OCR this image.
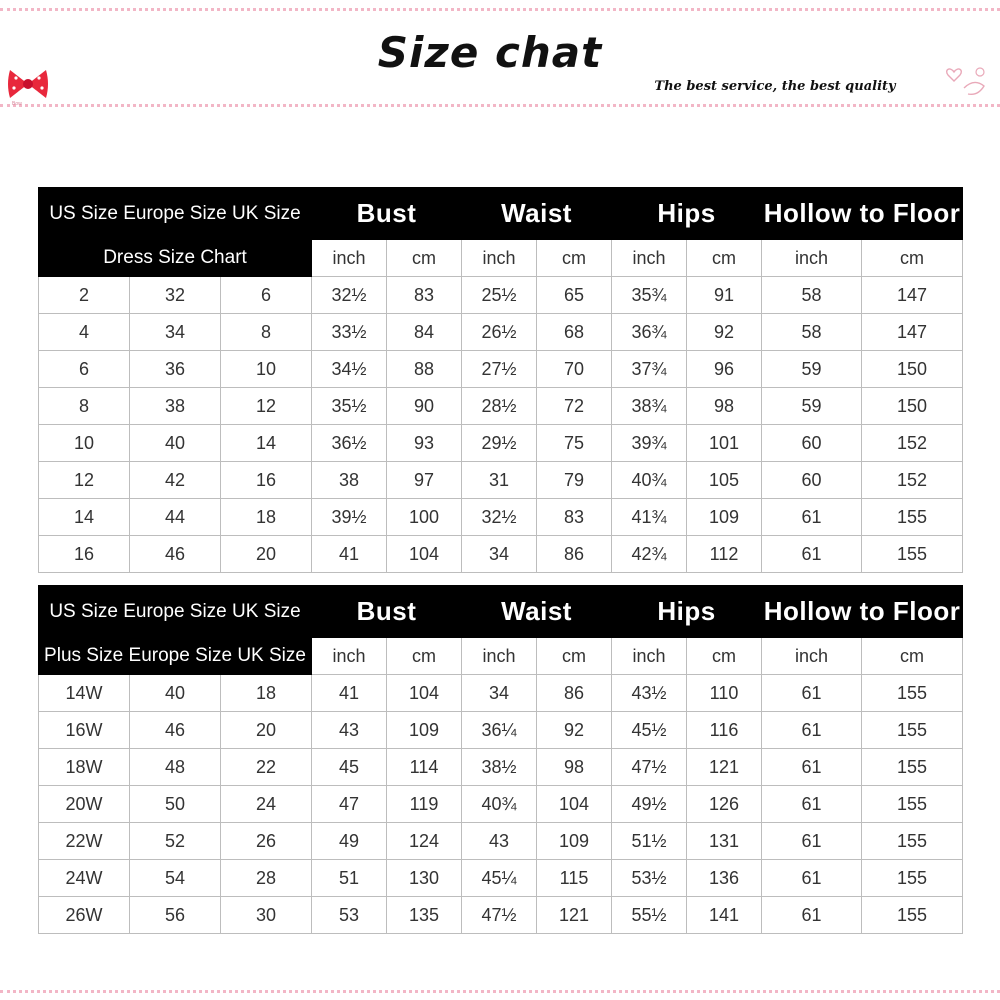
Size chat
The best service, the best quality
Bow
US Size Europe Size UK Size			Bust		Waist		Hips		Hollow to Floor	
Dress Size Chart			inch	cm	inch	cm	inch	cm	inch	cm
2	32	6	32½	83	25½	65	35¾	91	58	147
4	34	8	33½	84	26½	68	36¾	92	58	147
6	36	10	34½	88	27½	70	37¾	96	59	150
8	38	12	35½	90	28½	72	38¾	98	59	150
10	40	14	36½	93	29½	75	39¾	101	60	152
12	42	16	38	97	31	79	40¾	105	60	152
14	44	18	39½	100	32½	83	41¾	109	61	155
16	46	20	41	104	34	86	42¾	112	61	155
US Size Europe Size UK Size			Bust		Waist		Hips		Hollow to Floor	
Plus Size Europe Size UK Size			inch	cm	inch	cm	inch	cm	inch	cm
14W	40	18	41	104	34	86	43½	110	61	155
16W	46	20	43	109	36¼	92	45½	116	61	155
18W	48	22	45	114	38½	98	47½	121	61	155
20W	50	24	47	119	40¾	104	49½	126	61	155
22W	52	26	49	124	43	109	51½	131	61	155
24W	54	28	51	130	45¼	115	53½	136	61	155
26W	56	30	53	135	47½	121	55½	141	61	155
